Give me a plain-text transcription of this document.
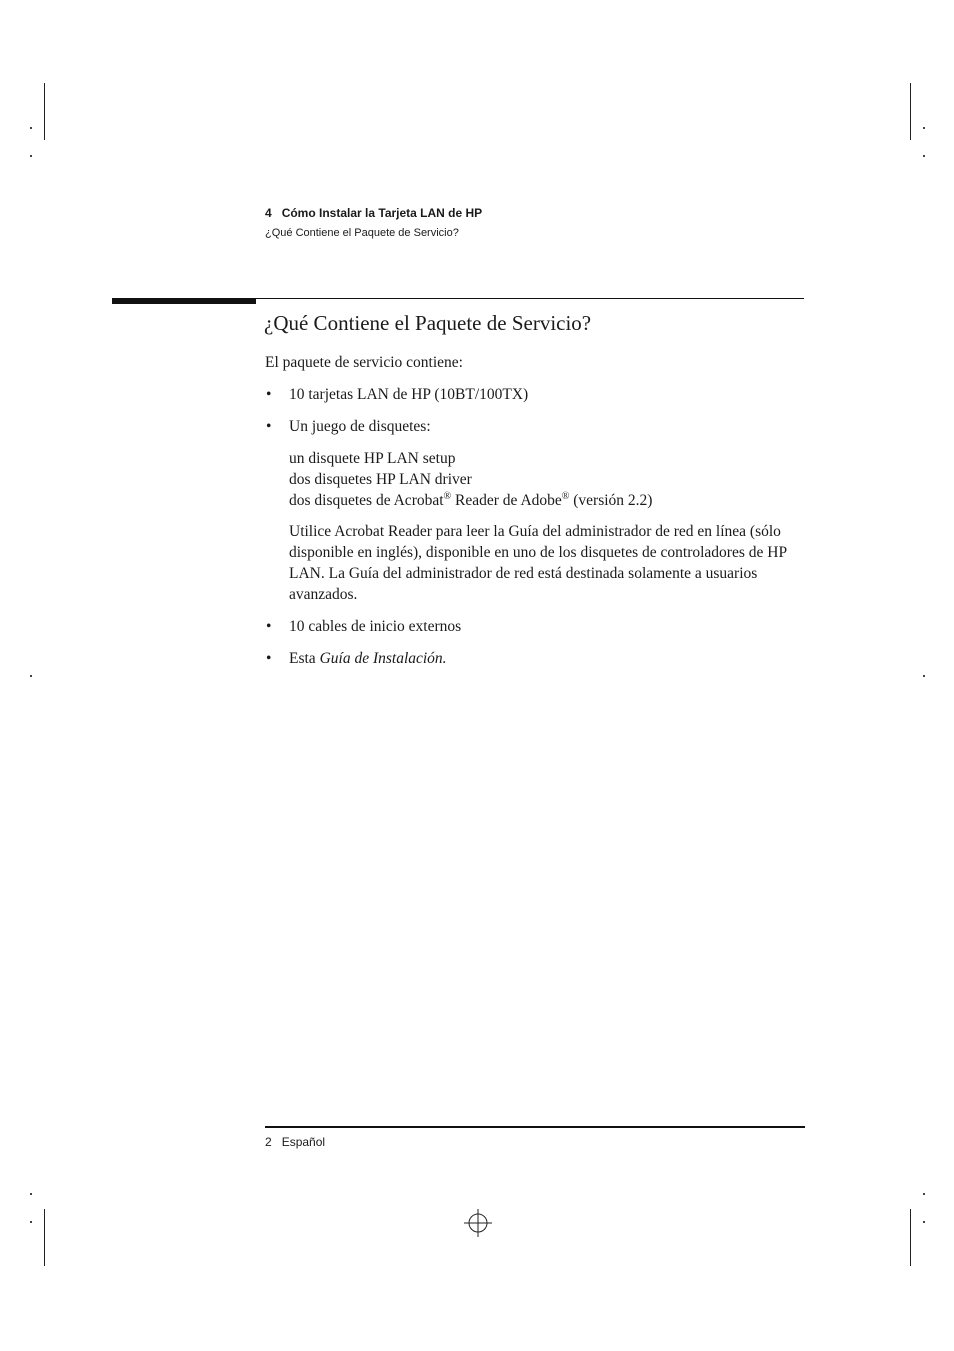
4 Cómo Instalar la Tarjeta LAN de HP
¿Qué Contiene el Paquete de Servicio?
¿Qué Contiene el Paquete de Servicio?

El paquete de servicio contiene:

• 10 tarjetas LAN de HP (10BT/100TX)
• Un juego de disquetes:
un disquete HP LAN setup
dos disquetes HP LAN driver
dos disquetes de Acrobat® Reader de Adobe® (versión 2.2)

Utilice Acrobat Reader para leer la Guía del administrador de red en línea (sólo disponible en inglés), disponible en uno de los disquetes de controladores de HP LAN. La Guía del administrador de red está destinada solamente a usuarios avanzados.

• 10 cables de inicio externos
• Esta Guía de Instalación.
2 Español
